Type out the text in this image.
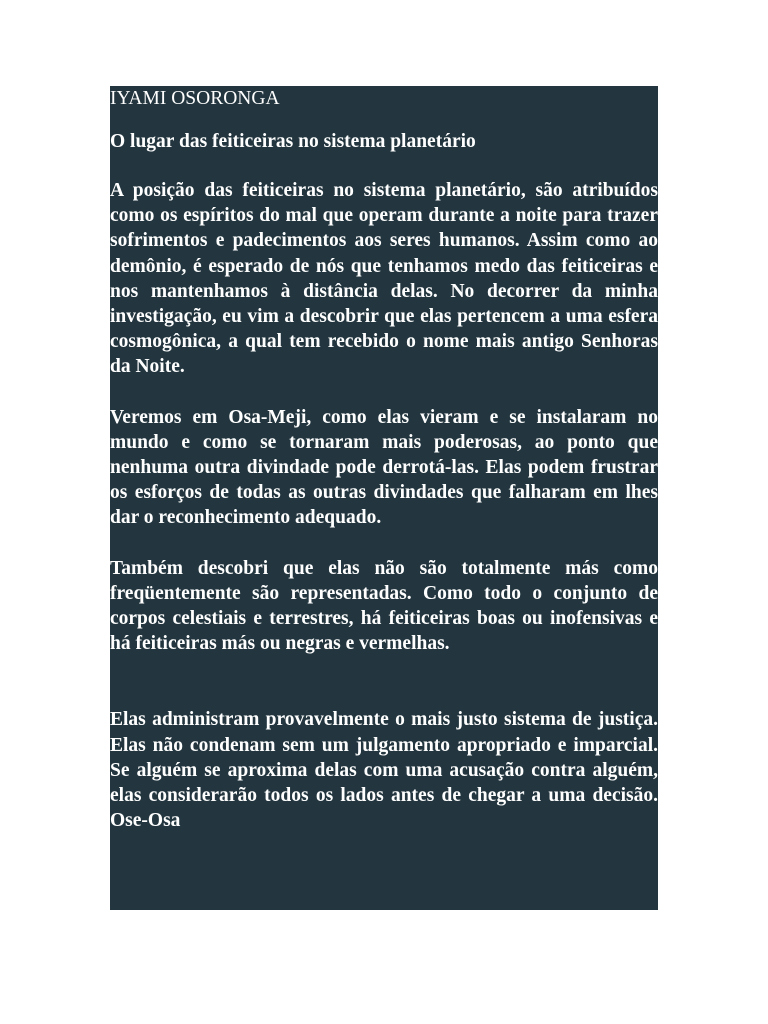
IYAMI OSORONGA
O lugar das feiticeiras no sistema planetário

A posição das feiticeiras no sistema planetário, são atribuídos como os espíritos do mal que operam durante a noite para trazer sofrimentos e padecimentos aos seres humanos. Assim como ao demônio, é esperado de nós que tenhamos medo das feiticeiras e nos mantenhamos à distância delas. No decorrer da minha investigação, eu vim a descobrir que elas pertencem a uma esfera cosmogônica, a qual tem recebido o nome mais antigo Senhoras da Noite.

Veremos em Osa-Meji, como elas vieram e se instalaram no mundo e como se tornaram mais poderosas, ao ponto que nenhuma outra divindade pode derrotá-las. Elas podem frustrar os esforços de todas as outras divindades que falharam em lhes dar o reconhecimento adequado.

Também descobri que elas não são totalmente más como freqüentemente são representadas. Como todo o conjunto de corpos celestiais e terrestres, há feiticeiras boas ou inofensivas e há feiticeiras más ou negras e vermelhas.

Elas administram provavelmente o mais justo sistema de justiça. Elas não condenam sem um julgamento apropriado e imparcial. Se alguém se aproxima delas com uma acusação contra alguém, elas considerarão todos os lados antes de chegar a uma decisão. Ose-Osa
